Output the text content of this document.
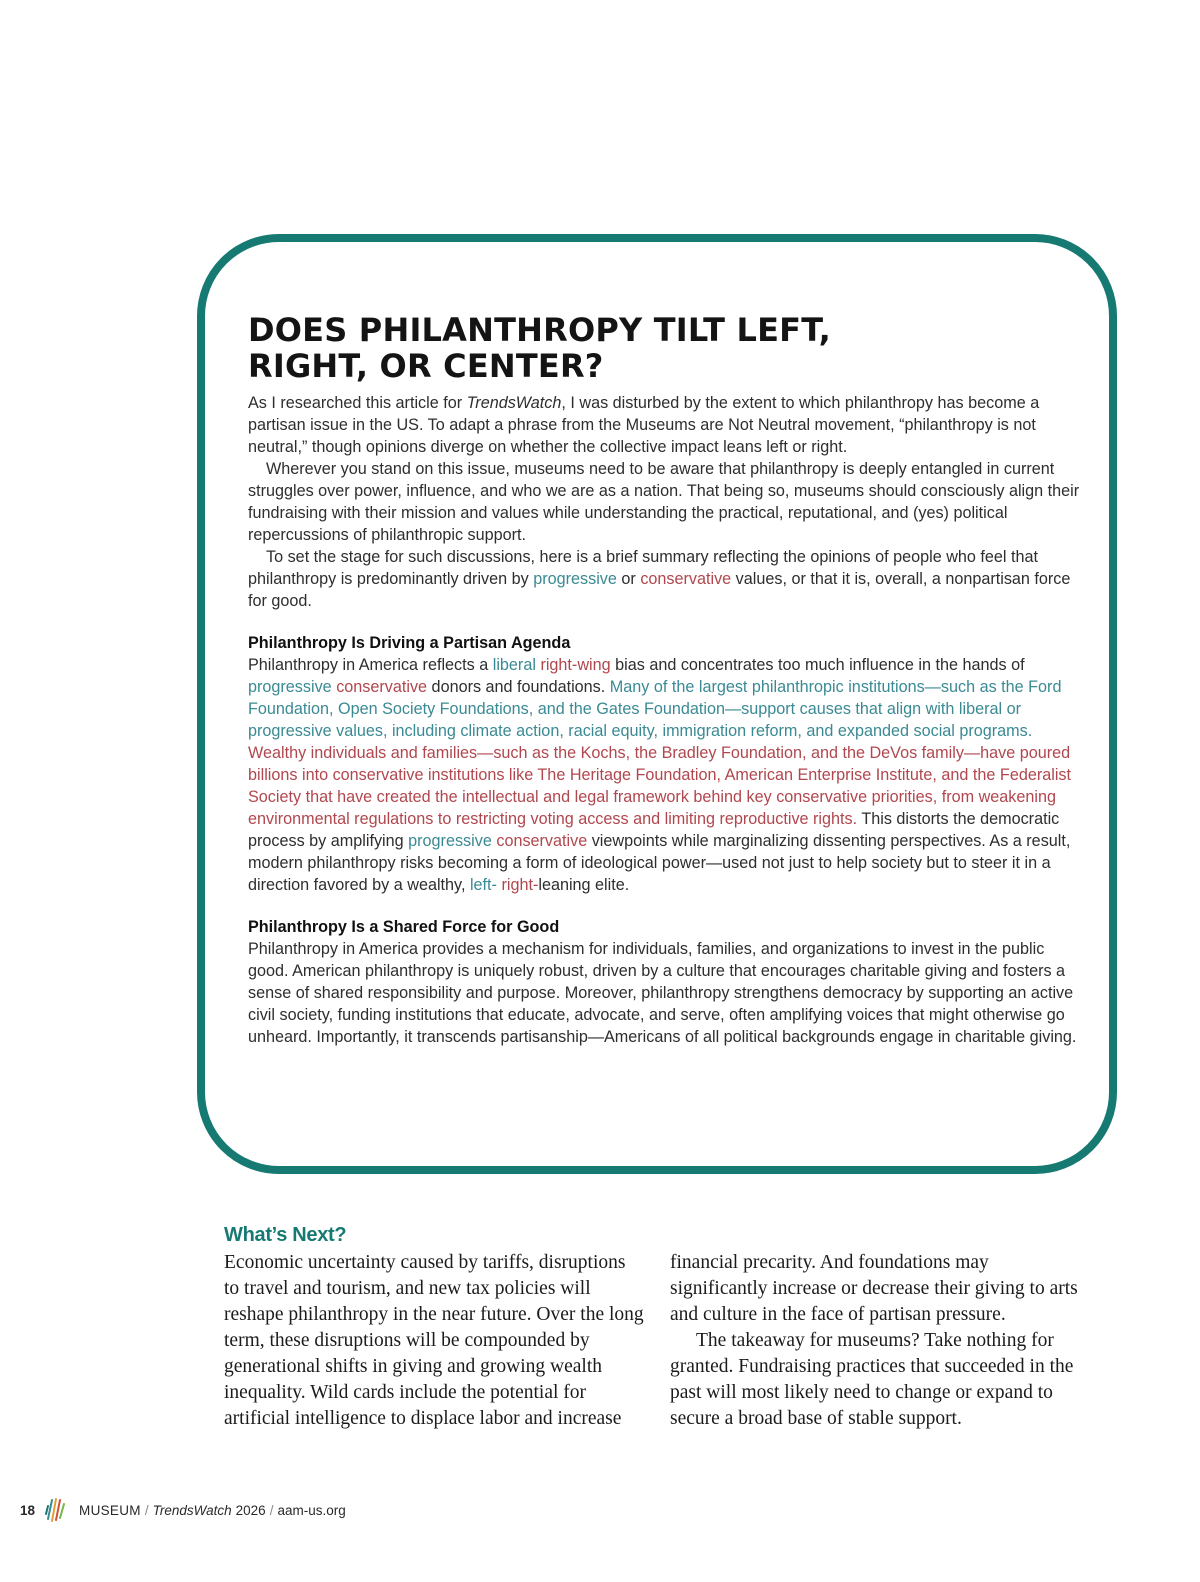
DOES PHILANTHROPY TILT LEFT,
RIGHT, OR CENTER?

As I researched this article for TrendsWatch, I was disturbed by the extent to which philanthropy has become a partisan issue in the US. To adapt a phrase from the Museums are Not Neutral movement, “philanthropy is not neutral,” though opinions diverge on whether the collective impact leans left or right.

Wherever you stand on this issue, museums need to be aware that philanthropy is deeply entangled in current struggles over power, influence, and who we are as a nation. That being so, museums should consciously align their fundraising with their mission and values while understanding the practical, reputational, and (yes) political repercussions of philanthropic support.

To set the stage for such discussions, here is a brief summary reflecting the opinions of people who feel that philanthropy is predominantly driven by progressive or conservative values, or that it is, overall, a nonpartisan force for good.

Philanthropy Is Driving a Partisan Agenda

Philanthropy in America reflects a liberal right-wing bias and concentrates too much influence in the hands of progressive conservative donors and foundations. Many of the largest philanthropic institutions—such as the Ford Foundation, Open Society Foundations, and the Gates Foundation—support causes that align with liberal or progressive values, including climate action, racial equity, immigration reform, and expanded social programs. Wealthy individuals and families—such as the Kochs, the Bradley Foundation, and the DeVos family—have poured billions into conservative institutions like The Heritage Foundation, American Enterprise Institute, and the Federalist Society that have created the intellectual and legal framework behind key conservative priorities, from weakening environmental regulations to restricting voting access and limiting reproductive rights. This distorts the democratic process by amplifying progressive conservative viewpoints while marginalizing dissenting perspectives. As a result, modern philanthropy risks becoming a form of ideological power—used not just to help society but to steer it in a direction favored by a wealthy, left- right-leaning elite.

Philanthropy Is a Shared Force for Good

Philanthropy in America provides a mechanism for individuals, families, and organizations to invest in the public good. American philanthropy is uniquely robust, driven by a culture that encourages charitable giving and fosters a sense of shared responsibility and purpose. Moreover, philanthropy strengthens democracy by supporting an active civil society, funding institutions that educate, advocate, and serve, often amplifying voices that might otherwise go unheard. Importantly, it transcends partisanship—Americans of all political backgrounds engage in charitable giving.

What’s Next?

Economic uncertainty caused by tariffs, disruptions to travel and tourism, and new tax policies will reshape philanthropy in the near future. Over the long term, these disruptions will be compounded by generational shifts in giving and growing wealth inequality. Wild cards include the potential for artificial intelligence to displace labor and increase

financial precarity. And foundations may significantly increase or decrease their giving to arts and culture in the face of partisan pressure.

The takeaway for museums? Take nothing for granted. Fundraising practices that succeeded in the past will most likely need to change or expand to secure a broad base of stable support.

18	MUSEUM / TrendsWatch 2026 / aam-us.org
